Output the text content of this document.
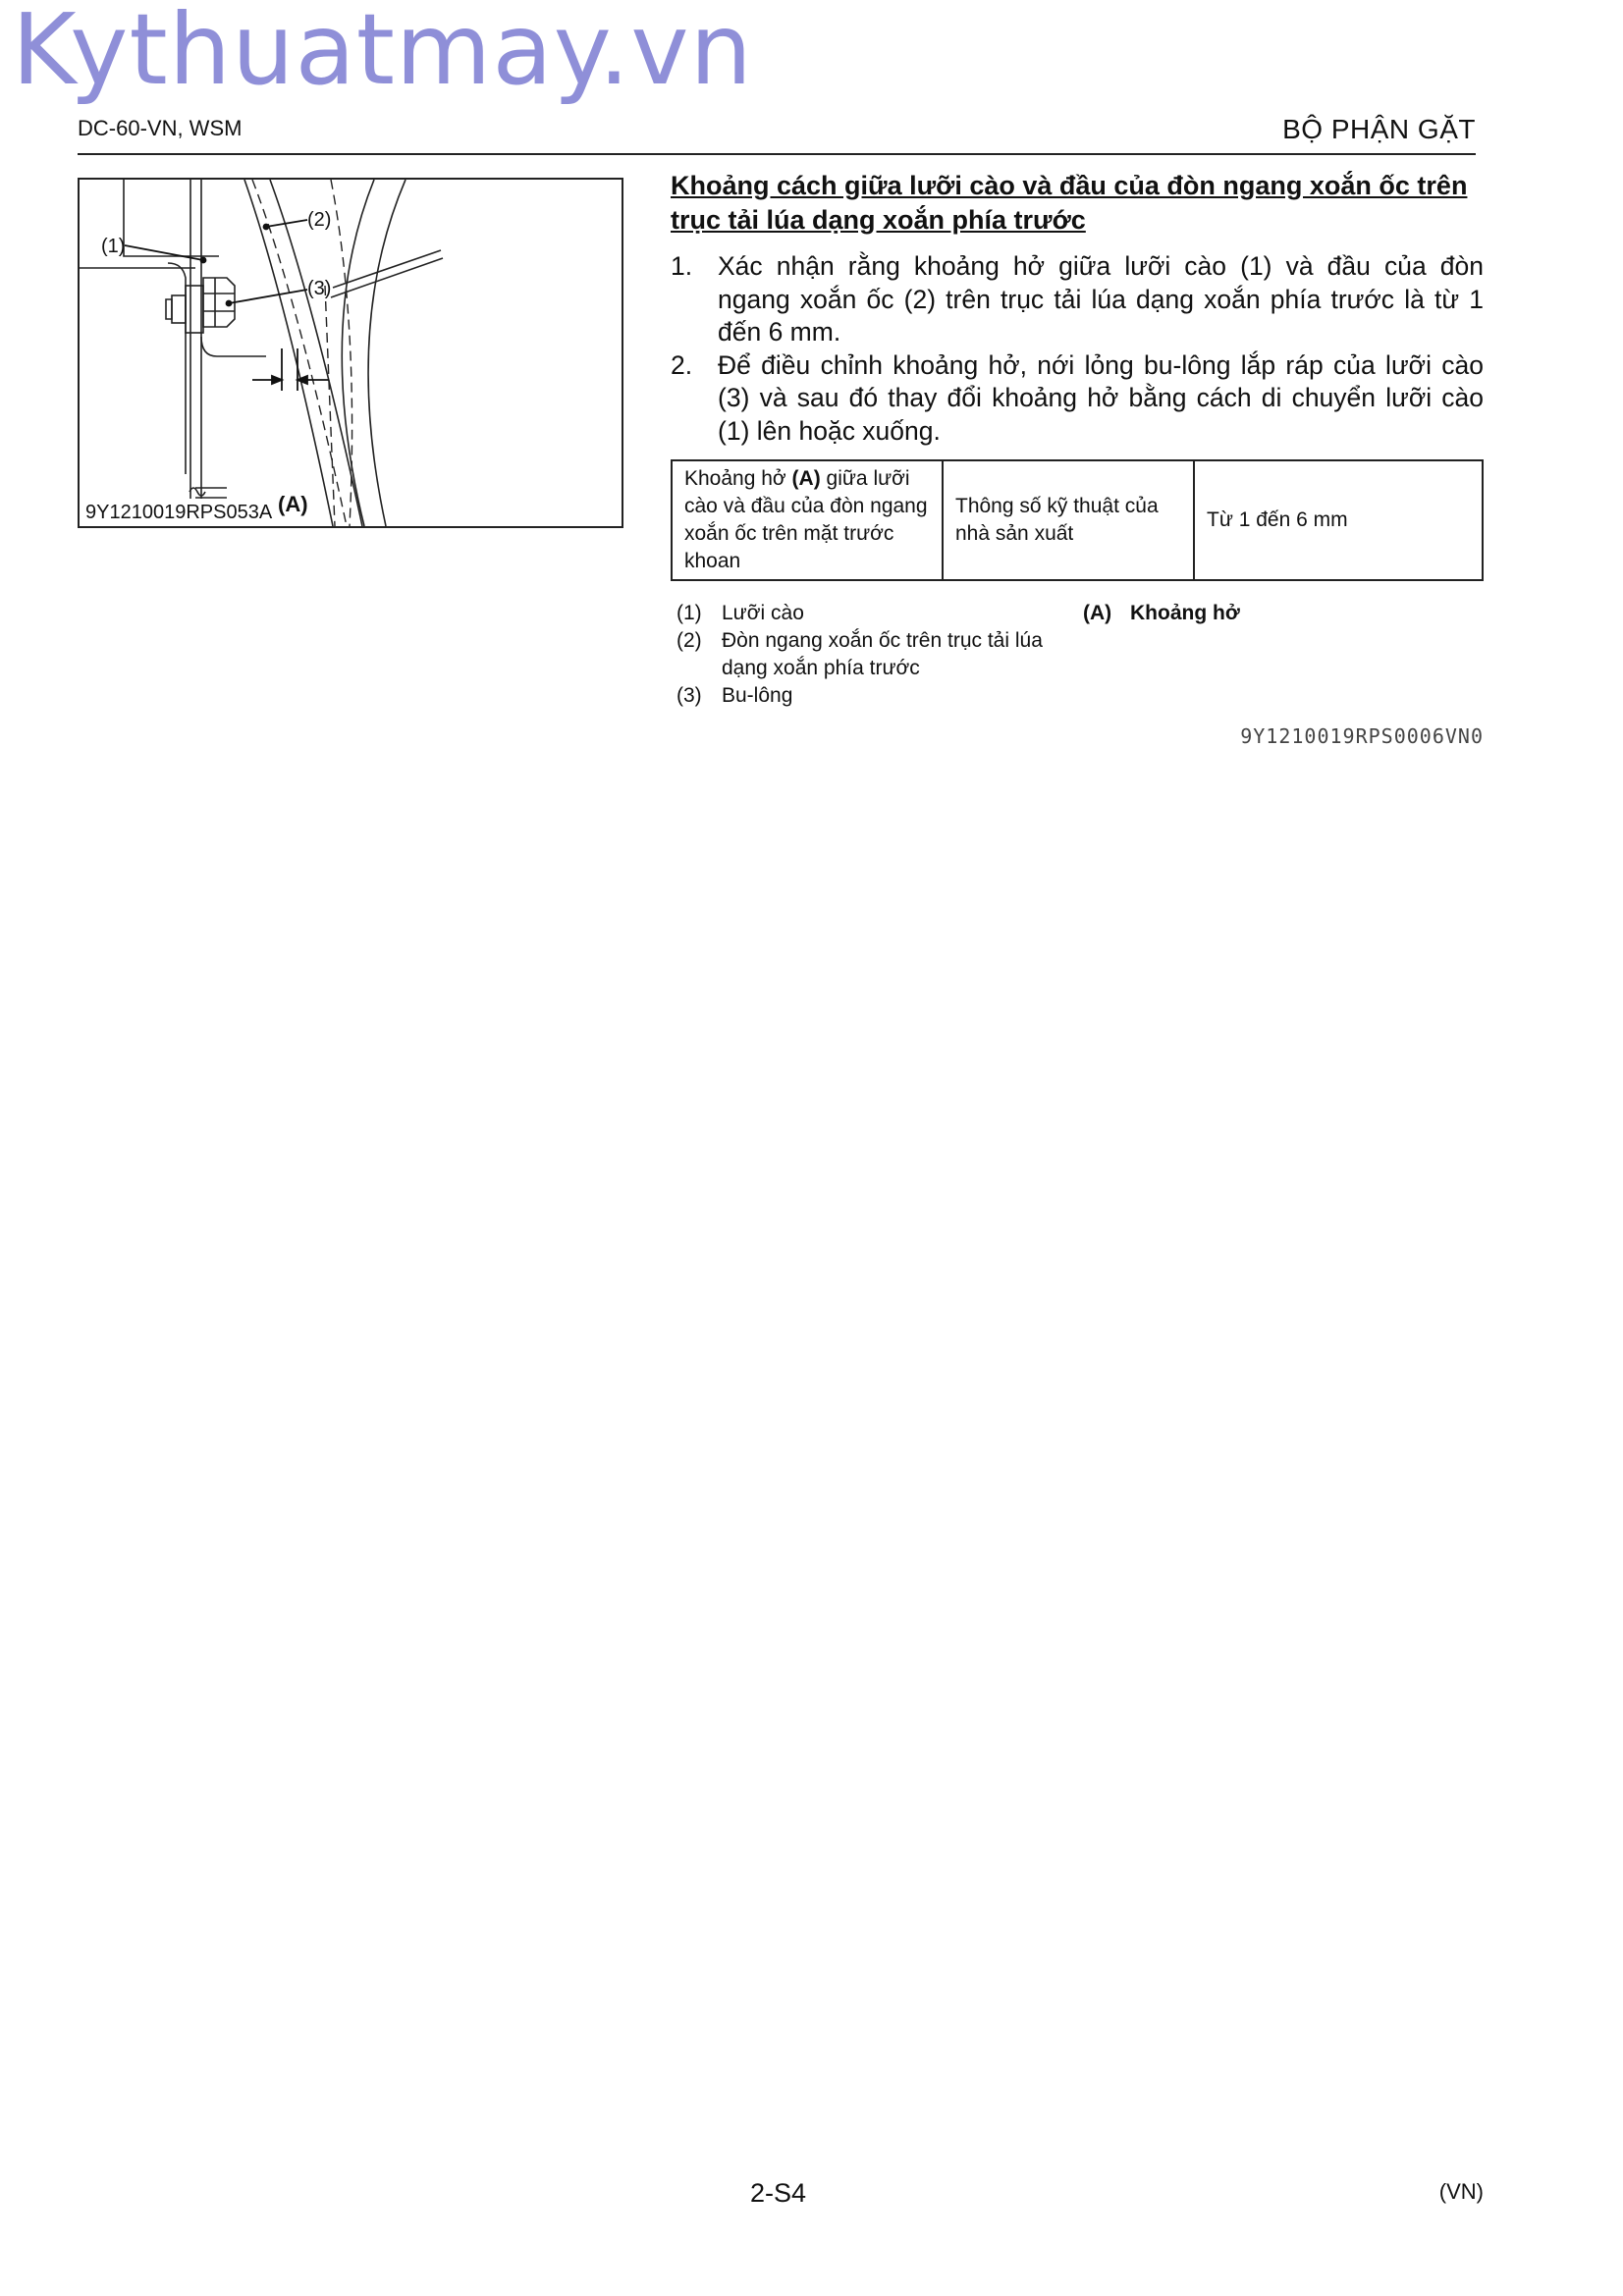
Kythuatmay.vn
DC-60-VN, WSM	BỘ PHẬN GẶT
(1)
(2)
(3)
(A)
9Y1210019RPS053A
Khoảng cách giữa lưỡi cào và đầu của đòn ngang xoắn ốc trên trục tải lúa dạng xoắn phía trước
1. Xác nhận rằng khoảng hở giữa lưỡi cào (1) và đầu của đòn ngang xoắn ốc (2) trên trục tải lúa dạng xoắn phía trước là từ 1 đến 6 mm.
2. Để điều chỉnh khoảng hở, nới lỏng bu-lông lắp ráp của lưỡi cào (3) và sau đó thay đổi khoảng hở bằng cách di chuyển lưỡi cào (1) lên hoặc xuống.
Khoảng hở (A) giữa lưỡi cào và đầu của đòn ngang xoắn ốc trên mặt trước khoan	Thông số kỹ thuật của nhà sản xuất	Từ 1 đến 6 mm
(A) Khoảng hở
(1) Lưỡi cào
(2) Đòn ngang xoắn ốc trên trục tải lúa dạng xoắn phía trước
(3) Bu-lông
9Y1210019RPS0006VN0
2-S4	(VN)
